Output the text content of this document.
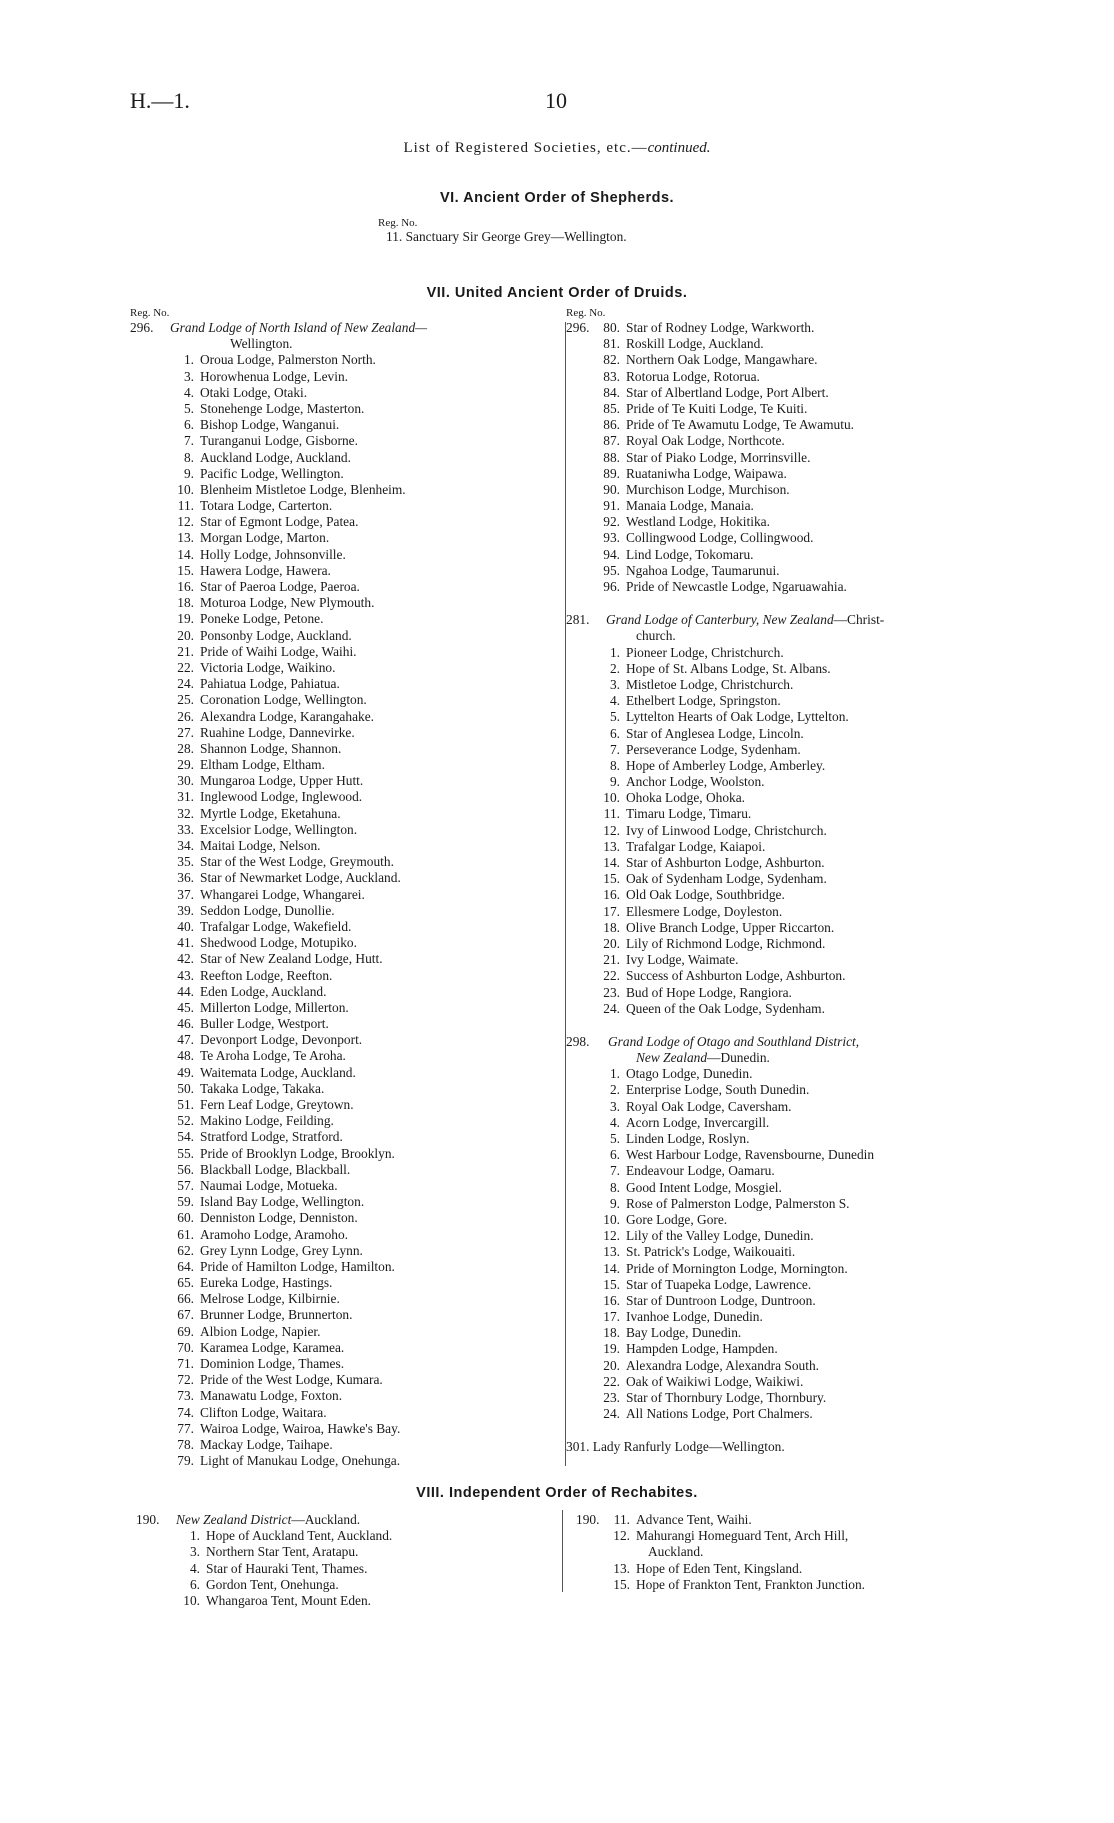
H.—1.	10
List of Registered Societies, etc.—continued.
VI. Ancient Order of Shepherds.
Reg. No.
11. Sanctuary Sir George Grey—Wellington.
VII. United Ancient Order of Druids.
Reg. No.	Reg. No.
296. Grand Lodge of North Island of New Zealand—
Wellington.
1. Oroua Lodge, Palmerston North.
3. Horowhenua Lodge, Levin.
4. Otaki Lodge, Otaki.
5. Stonehenge Lodge, Masterton.
6. Bishop Lodge, Wanganui.
7. Turanganui Lodge, Gisborne.
8. Auckland Lodge, Auckland.
9. Pacific Lodge, Wellington.
10. Blenheim Mistletoe Lodge, Blenheim.
11. Totara Lodge, Carterton.
12. Star of Egmont Lodge, Patea.
13. Morgan Lodge, Marton.
14. Holly Lodge, Johnsonville.
15. Hawera Lodge, Hawera.
16. Star of Paeroa Lodge, Paeroa.
18. Moturoa Lodge, New Plymouth.
19. Poneke Lodge, Petone.
20. Ponsonby Lodge, Auckland.
21. Pride of Waihi Lodge, Waihi.
22. Victoria Lodge, Waikino.
24. Pahiatua Lodge, Pahiatua.
25. Coronation Lodge, Wellington.
26. Alexandra Lodge, Karangahake.
27. Ruahine Lodge, Dannevirke.
28. Shannon Lodge, Shannon.
29. Eltham Lodge, Eltham.
30. Mungaroa Lodge, Upper Hutt.
31. Inglewood Lodge, Inglewood.
32. Myrtle Lodge, Eketahuna.
33. Excelsior Lodge, Wellington.
34. Maitai Lodge, Nelson.
35. Star of the West Lodge, Greymouth.
36. Star of Newmarket Lodge, Auckland.
37. Whangarei Lodge, Whangarei.
39. Seddon Lodge, Dunollie.
40. Trafalgar Lodge, Wakefield.
41. Shedwood Lodge, Motupiko.
42. Star of New Zealand Lodge, Hutt.
43. Reefton Lodge, Reefton.
44. Eden Lodge, Auckland.
45. Millerton Lodge, Millerton.
46. Buller Lodge, Westport.
47. Devonport Lodge, Devonport.
48. Te Aroha Lodge, Te Aroha.
49. Waitemata Lodge, Auckland.
50. Takaka Lodge, Takaka.
51. Fern Leaf Lodge, Greytown.
52. Makino Lodge, Feilding.
54. Stratford Lodge, Stratford.
55. Pride of Brooklyn Lodge, Brooklyn.
56. Blackball Lodge, Blackball.
57. Naumai Lodge, Motueka.
59. Island Bay Lodge, Wellington.
60. Denniston Lodge, Denniston.
61. Aramoho Lodge, Aramoho.
62. Grey Lynn Lodge, Grey Lynn.
64. Pride of Hamilton Lodge, Hamilton.
65. Eureka Lodge, Hastings.
66. Melrose Lodge, Kilbirnie.
67. Brunner Lodge, Brunnerton.
69. Albion Lodge, Napier.
70. Karamea Lodge, Karamea.
71. Dominion Lodge, Thames.
72. Pride of the West Lodge, Kumara.
73. Manawatu Lodge, Foxton.
74. Clifton Lodge, Waitara.
77. Wairoa Lodge, Wairoa, Hawke's Bay.
78. Mackay Lodge, Taihape.
79. Light of Manukau Lodge, Onehunga.
296.	80. Star of Rodney Lodge, Warkworth.
81. Roskill Lodge, Auckland.
82. Northern Oak Lodge, Mangawhare.
83. Rotorua Lodge, Rotorua.
84. Star of Albertland Lodge, Port Albert.
85. Pride of Te Kuiti Lodge, Te Kuiti.
86. Pride of Te Awamutu Lodge, Te Awamutu.
87. Royal Oak Lodge, Northcote.
88. Star of Piako Lodge, Morrinsville.
89. Ruataniwha Lodge, Waipawa.
90. Murchison Lodge, Murchison.
91. Manaia Lodge, Manaia.
92. Westland Lodge, Hokitika.
93. Collingwood Lodge, Collingwood.
94. Lind Lodge, Tokomaru.
95. Ngahoa Lodge, Taumarunui.
96. Pride of Newcastle Lodge, Ngaruawahia.
281. Grand Lodge of Canterbury, New Zealand—Christ-
church.
1. Pioneer Lodge, Christchurch.
2. Hope of St. Albans Lodge, St. Albans.
3. Mistletoe Lodge, Christchurch.
4. Ethelbert Lodge, Springston.
5. Lyttelton Hearts of Oak Lodge, Lyttelton.
6. Star of Anglesea Lodge, Lincoln.
7. Perseverance Lodge, Sydenham.
8. Hope of Amberley Lodge, Amberley.
9. Anchor Lodge, Woolston.
10. Ohoka Lodge, Ohoka.
11. Timaru Lodge, Timaru.
12. Ivy of Linwood Lodge, Christchurch.
13. Trafalgar Lodge, Kaiapoi.
14. Star of Ashburton Lodge, Ashburton.
15. Oak of Sydenham Lodge, Sydenham.
16. Old Oak Lodge, Southbridge.
17. Ellesmere Lodge, Doyleston.
18. Olive Branch Lodge, Upper Riccarton.
20. Lily of Richmond Lodge, Richmond.
21. Ivy Lodge, Waimate.
22. Success of Ashburton Lodge, Ashburton.
23. Bud of Hope Lodge, Rangiora.
24. Queen of the Oak Lodge, Sydenham.
298. Grand Lodge of Otago and Southland District,
New Zealand—Dunedin.
1. Otago Lodge, Dunedin.
2. Enterprise Lodge, South Dunedin.
3. Royal Oak Lodge, Caversham.
4. Acorn Lodge, Invercargill.
5. Linden Lodge, Roslyn.
6. West Harbour Lodge, Ravensbourne, Dunedin
7. Endeavour Lodge, Oamaru.
8. Good Intent Lodge, Mosgiel.
9. Rose of Palmerston Lodge, Palmerston S.
10. Gore Lodge, Gore.
12. Lily of the Valley Lodge, Dunedin.
13. St. Patrick's Lodge, Waikouaiti.
14. Pride of Mornington Lodge, Mornington.
15. Star of Tuapeka Lodge, Lawrence.
16. Star of Duntroon Lodge, Duntroon.
17. Ivanhoe Lodge, Dunedin.
18. Bay Lodge, Dunedin.
19. Hampden Lodge, Hampden.
20. Alexandra Lodge, Alexandra South.
22. Oak of Waikiwi Lodge, Waikiwi.
23. Star of Thornbury Lodge, Thornbury.
24. All Nations Lodge, Port Chalmers.
301. Lady Ranfurly Lodge—Wellington.
VIII. Independent Order of Rechabites.
190. New Zealand District—Auckland.
1. Hope of Auckland Tent, Auckland.
3. Northern Star Tent, Aratapu.
4. Star of Hauraki Tent, Thames.
6. Gordon Tent, Onehunga.
10. Whangaroa Tent, Mount Eden.
190.	11. Advance Tent, Waihi.
12. Mahurangi Homeguard Tent, Arch Hill,
Auckland.
13. Hope of Eden Tent, Kingsland.
15. Hope of Frankton Tent, Frankton Junction.
